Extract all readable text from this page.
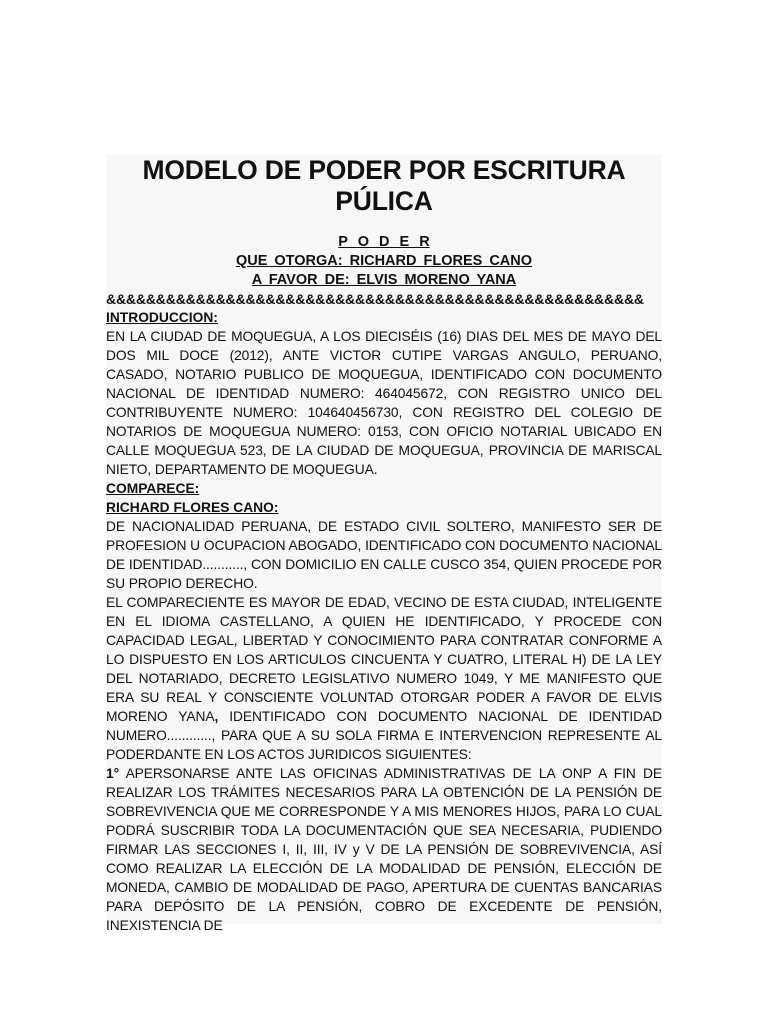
MODELO DE PODER POR ESCRITURA PÚLICA
P O D E R
QUE OTORGA: RICHARD FLORES CANO
A FAVOR DE: ELVIS MORENO YANA
&&&&&&&&&&&&&&&&&&&&&&&&&&&&&&&&&&&&&&&&&&&&&&&&&&&&&&
INTRODUCCION:

EN LA CIUDAD DE MOQUEGUA, A LOS DIECISÉIS (16) DIAS DEL MES DE MAYO DEL DOS MIL DOCE (2012), ANTE VICTOR CUTIPE VARGAS ANGULO, PERUANO, CASADO, NOTARIO PUBLICO DE MOQUEGUA, IDENTIFICADO CON DOCUMENTO NACIONAL DE IDENTIDAD NUMERO: 464045672, CON REGISTRO UNICO DEL CONTRIBUYENTE NUMERO: 104640456730, CON REGISTRO DEL COLEGIO DE NOTARIOS DE MOQUEGUA NUMERO: 0153, CON OFICIO NOTARIAL UBICADO EN CALLE MOQUEGUA 523, DE LA CIUDAD DE MOQUEGUA, PROVINCIA DE MARISCAL NIETO, DEPARTAMENTO DE MOQUEGUA.

COMPARECE:
RICHARD FLORES CANO:

DE NACIONALIDAD PERUANA, DE ESTADO CIVIL SOLTERO, MANIFESTO SER DE PROFESION U OCUPACION ABOGADO, IDENTIFICADO CON DOCUMENTO NACIONAL DE IDENTIDAD..........., CON DOMICILIO EN CALLE CUSCO 354, QUIEN PROCEDE POR SU PROPIO DERECHO.

EL COMPARECIENTE ES MAYOR DE EDAD, VECINO DE ESTA CIUDAD, INTELIGENTE EN EL IDIOMA CASTELLANO, A QUIEN HE IDENTIFICADO, Y PROCEDE CON CAPACIDAD LEGAL, LIBERTAD Y CONOCIMIENTO PARA CONTRATAR CONFORME A LO DISPUESTO EN LOS ARTICULOS CINCUENTA Y CUATRO, LITERAL H) DE LA LEY DEL NOTARIADO, DECRETO LEGISLATIVO NUMERO 1049, Y ME MANIFESTO QUE ERA SU REAL Y CONSCIENTE VOLUNTAD OTORGAR PODER A FAVOR DE ELVIS MORENO YANA, IDENTIFICADO CON DOCUMENTO NACIONAL DE IDENTIDAD NUMERO............, PARA QUE A SU SOLA FIRMA E INTERVENCION REPRESENTE AL PODERDANTE EN LOS ACTOS JURIDICOS SIGUIENTES:

1° APERSONARSE ANTE LAS OFICINAS ADMINISTRATIVAS DE LA ONP A FIN DE REALIZAR LOS TRÁMITES NECESARIOS PARA LA OBTENCIÓN DE LA PENSIÓN DE SOBREVIVENCIA QUE ME CORRESPONDE Y A MIS MENORES HIJOS, PARA LO CUAL PODRÁ SUSCRIBIR TODA LA DOCUMENTACIÓN QUE SEA NECESARIA, PUDIENDO FIRMAR LAS SECCIONES I, II, III, IV y V DE LA PENSIÓN DE SOBREVIVENCIA, ASÍ COMO REALIZAR LA ELECCIÓN DE LA MODALIDAD DE PENSIÓN, ELECCIÓN DE MONEDA, CAMBIO DE MODALIDAD DE PAGO, APERTURA DE CUENTAS BANCARIAS PARA DEPÓSITO DE LA PENSIÓN, COBRO DE EXCEDENTE DE PENSIÓN, INEXISTENCIA DE
